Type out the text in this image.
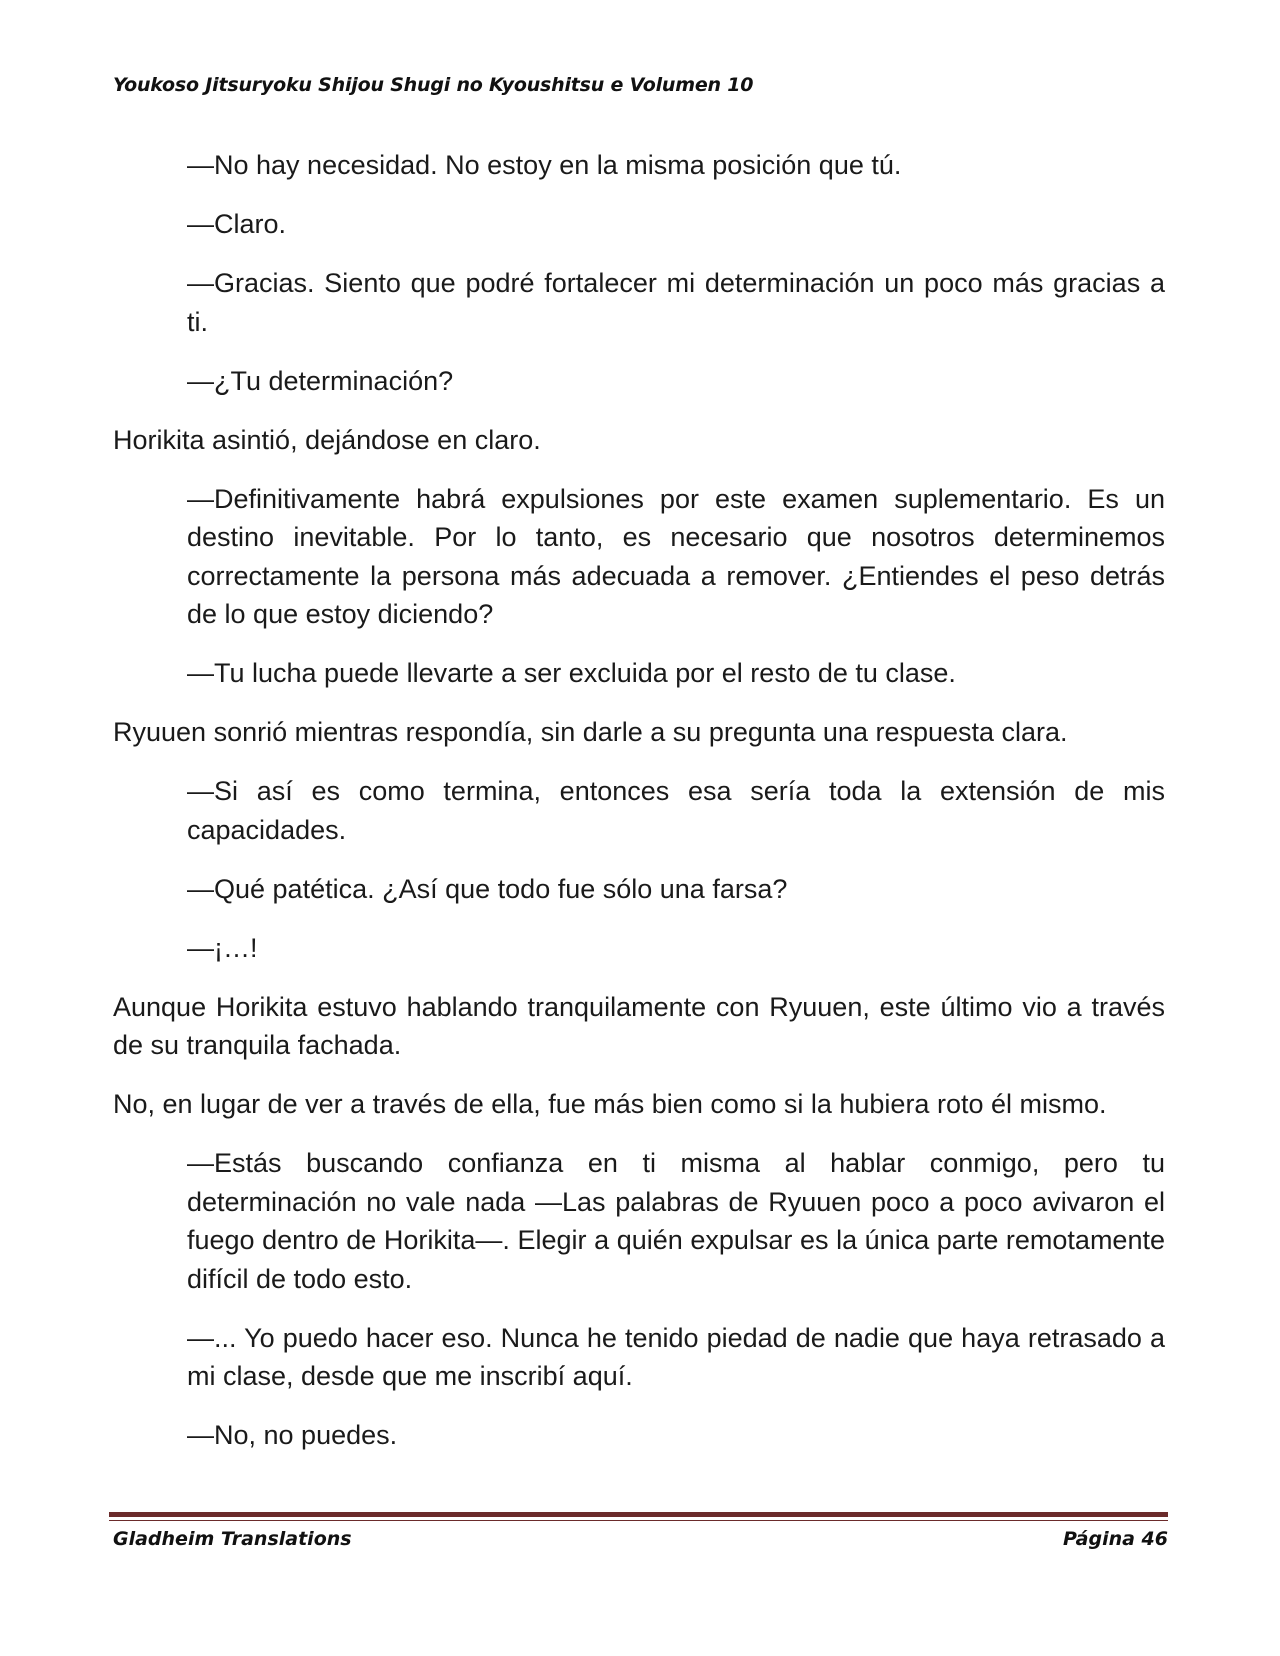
Youkoso Jitsuryoku Shijou Shugi no Kyoushitsu e Volumen 10

—No hay necesidad. No estoy en la misma posición que tú.

—Claro.

—Gracias. Siento que podré fortalecer mi determinación un poco más gracias a ti.

—¿Tu determinación?

Horikita asintió, dejándose en claro.

—Definitivamente habrá expulsiones por este examen suplementario. Es un destino inevitable. Por lo tanto, es necesario que nosotros determinemos correctamente la persona más adecuada a remover. ¿Entiendes el peso detrás de lo que estoy diciendo?

—Tu lucha puede llevarte a ser excluida por el resto de tu clase.

Ryuuen sonrió mientras respondía, sin darle a su pregunta una respuesta clara.

—Si así es como termina, entonces esa sería toda la extensión de mis capacidades.

—Qué patética. ¿Así que todo fue sólo una farsa?

—¡…!

Aunque Horikita estuvo hablando tranquilamente con Ryuuen, este último vio a través de su tranquila fachada.

No, en lugar de ver a través de ella, fue más bien como si la hubiera roto él mismo.

—Estás buscando confianza en ti misma al hablar conmigo, pero tu determinación no vale nada —Las palabras de Ryuuen poco a poco avivaron el fuego dentro de Horikita—. Elegir a quién expulsar es la única parte remotamente difícil de todo esto.

—... Yo puedo hacer eso. Nunca he tenido piedad de nadie que haya retrasado a mi clase, desde que me inscribí aquí.

—No, no puedes.

Gladheim Translations	Página 46
